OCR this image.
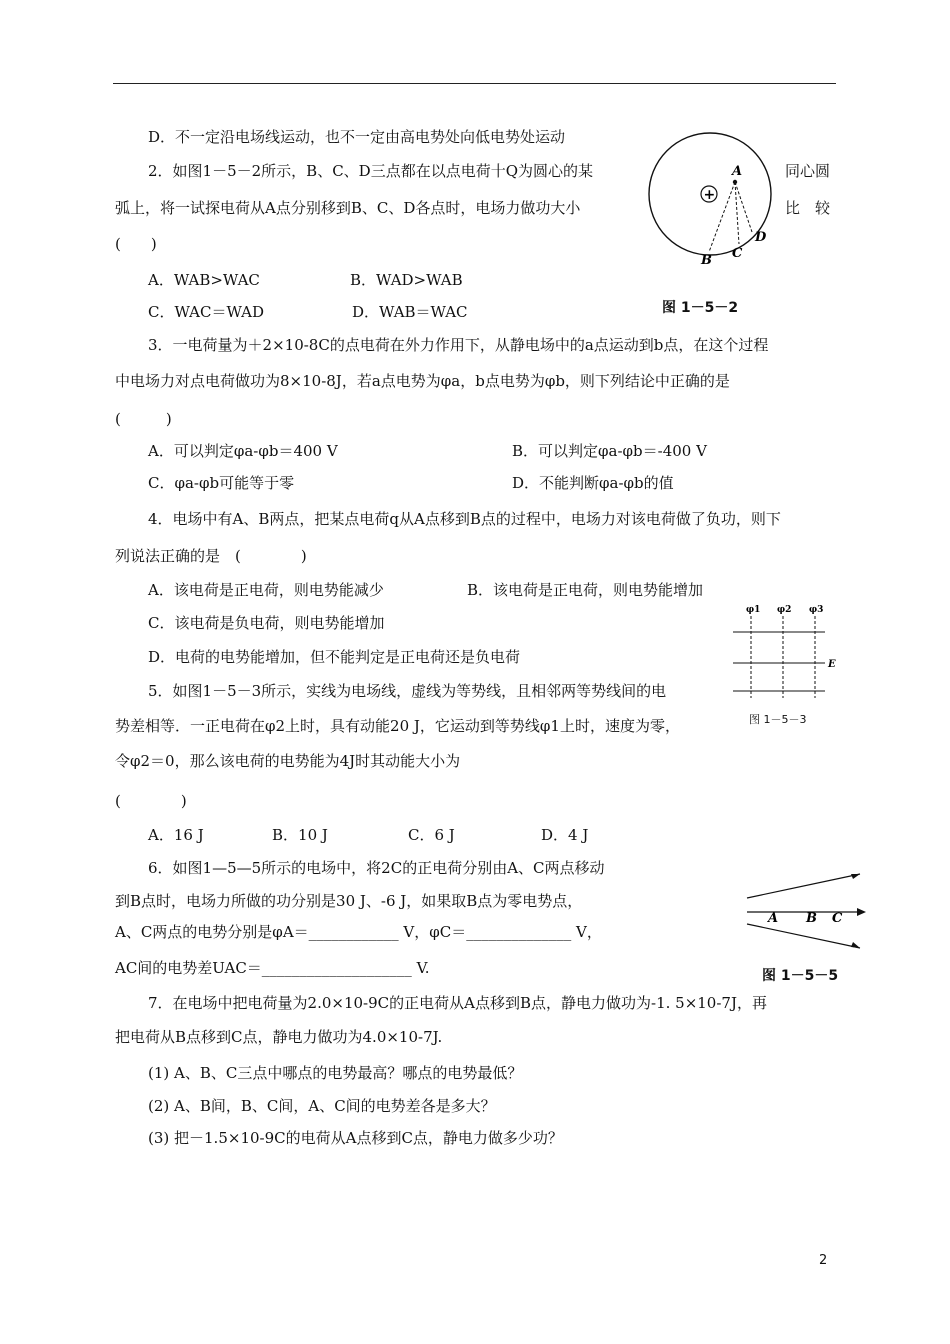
D．不一定沿电场线运动，也不一定由高电势处向低电势处运动
2．如图1－5－2所示，B、C、D三点都在以点电荷十Q为圆心的某	同心圆
弧上，将一试探电荷从A点分别移到B、C、D各点时，电场力做功大小	比　较
(　　)
A．WAB>WAC	B．WAD>WAB
C．WAC＝WAD	D．WAB＝WAC
3．一电荷量为＋2×10-8C的点电荷在外力作用下，从静电场中的a点运动到b点，在这个过程
中电场力对点电荷做功为8×10-8J，若a点电势为φa，b点电势为φb，则下列结论中正确的是
(　　　)
A．可以判定φa-φb＝400 V	B．可以判定φa-φb＝-400 V
C．φa-φb可能等于零	D．不能判断φa-φb的值
4．电场中有A、B两点，把某点电荷q从A点移到B点的过程中，电场力对该电荷做了负功，则下
列说法正确的是　(　　　　)
A．该电荷是正电荷，则电势能减少	B．该电荷是正电荷，则电势能增加
C．该电荷是负电荷，则电势能增加
D．电荷的电势能增加，但不能判定是正电荷还是负电荷
5．如图1－5－3所示，实线为电场线，虚线为等势线，且相邻两等势线间的电
势差相等．一正电荷在φ2上时，具有动能20 J，它运动到等势线φ1上时，速度为零，
令φ2＝0，那么该电荷的电势能为4J时其动能大小为
(　　　　)
A．16 J	B．10 J	C．6 J	D．4 J
6．如图1—5—5所示的电场中，将2C的正电荷分别由A、C两点移动
到B点时，电场力所做的功分别是30 J、-6 J，如果取B点为零电势点，
A、C两点的电势分别是φA＝____________ V，φC＝______________ V，
AC间的电势差UAC＝____________________ V.
7．在电场中把电荷量为2.0×10-9C的正电荷从A点移到B点，静电力做功为-1. 5×10-7J，再
把电荷从B点移到C点，静电力做功为4.0×10-7J.
(1) A、B、C三点中哪点的电势最高？哪点的电势最低？
(2) A、B间，B、C间，A、C间的电势差各是多大？
(3) 把－1.5×10-9C的电荷从A点移到C点，静电力做多少功？
+
A
B C
D
图 1－5－2
φ1 φ2 φ3
E
图 1－5－3
A B C
图 1－5－5
2
